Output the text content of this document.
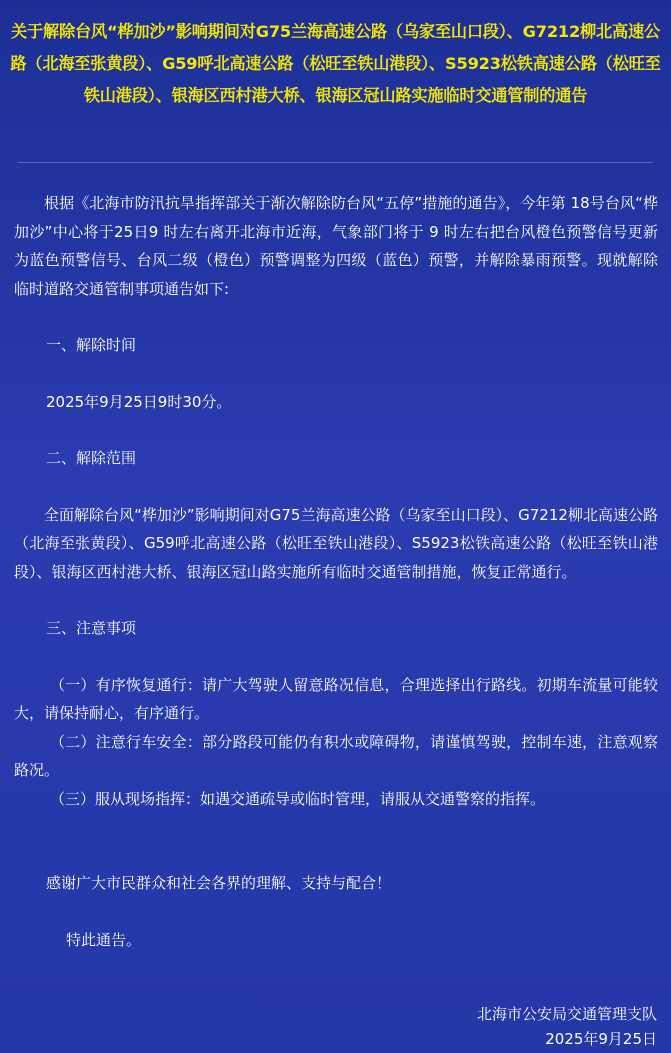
关于解除台风“桦加沙”影响期间对G75兰海高速公路（乌家至山口段）、G7212柳北高速公路（北海至张黄段）、G59呼北高速公路（松旺至铁山港段）、S5923松铁高速公路（松旺至铁山港段）、银海区西村港大桥、银海区冠山路实施临时交通管制的通告

根据《北海市防汛抗旱指挥部关于渐次解除防台风“五停”措施的通告》，今年第 18号台风“桦加沙”中心将于25日9 时左右离开北海市近海，气象部门将于 9 时左右把台风橙色预警信号更新为蓝色预警信号、台风二级（橙色）预警调整为四级（蓝色）预警，并解除暴雨预警。现就解除临时道路交通管制事项通告如下:

一、解除时间

2025年9月25日9时30分。

二、解除范围

全面解除台风“桦加沙”影响期间对G75兰海高速公路（乌家至山口段）、G7212柳北高速公路（北海至张黄段）、G59呼北高速公路（松旺至铁山港段）、S5923松铁高速公路（松旺至铁山港段）、银海区西村港大桥、银海区冠山路实施所有临时交通管制措施，恢复正常通行。

三、注意事项

（一）有序恢复通行：请广大驾驶人留意路况信息，合理选择出行路线。初期车流量可能较大，请保持耐心，有序通行。

（二）注意行车安全：部分路段可能仍有积水或障碍物，请谨慎驾驶，控制车速，注意观察路况。

（三）服从现场指挥：如遇交通疏导或临时管理，请服从交通警察的指挥。

感谢广大市民群众和社会各界的理解、支持与配合！

特此通告。

北海市公安局交通管理支队
2025年9月25日
